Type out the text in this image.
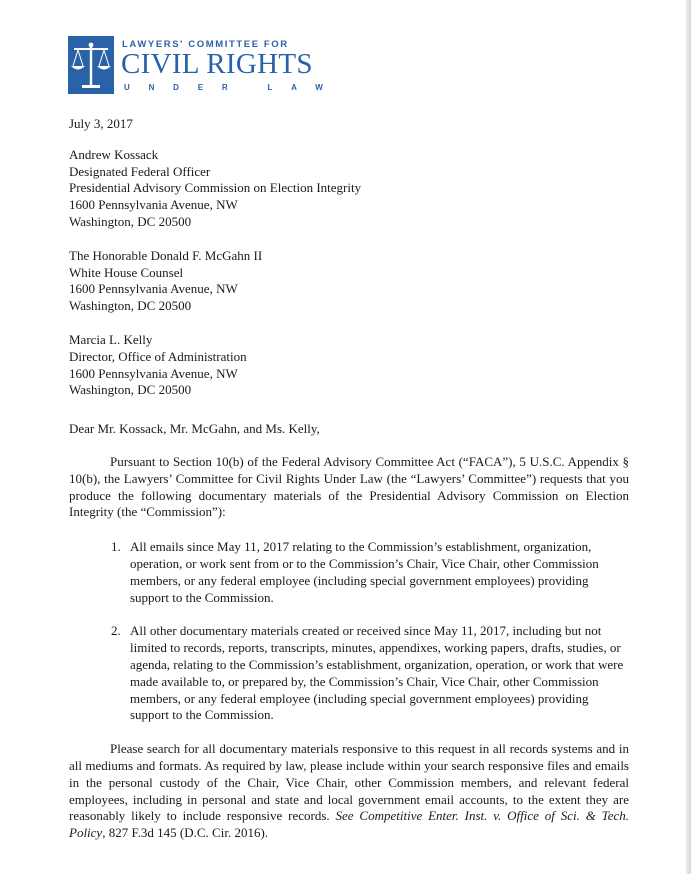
LAWYERS' COMMITTEE FOR
CIVIL RIGHTS
UNDER LAW

July 3, 2017

Andrew Kossack
Designated Federal Officer
Presidential Advisory Commission on Election Integrity
1600 Pennsylvania Avenue, NW
Washington, DC 20500
The Honorable Donald F. McGahn II
White House Counsel
1600 Pennsylvania Avenue, NW
Washington, DC 20500
Marcia L. Kelly
Director, Office of Administration
1600 Pennsylvania Avenue, NW
Washington, DC 20500

Dear Mr. Kossack, Mr. McGahn, and Ms. Kelly,

Pursuant to Section 10(b) of the Federal Advisory Committee Act (“FACA”), 5 U.S.C. Appendix § 10(b), the Lawyers’ Committee for Civil Rights Under Law (the “Lawyers’ Committee”) requests that you produce the following documentary materials of the Presidential Advisory Commission on Election Integrity (the “Commission”):

1. All emails since May 11, 2017 relating to the Commission’s establishment, organization, operation, or work sent from or to the Commission’s Chair, Vice Chair, other Commission members, or any federal employee (including special government employees) providing support to the Commission.
2. All other documentary materials created or received since May 11, 2017, including but not limited to records, reports, transcripts, minutes, appendixes, working papers, drafts, studies, or agenda, relating to the Commission’s establishment, organization, operation, or work that were made available to, or prepared by, the Commission’s Chair, Vice Chair, other Commission members, or any federal employee (including special government employees) providing support to the Commission.

Please search for all documentary materials responsive to this request in all records systems and in all mediums and formats. As required by law, please include within your search responsive files and emails in the personal custody of the Chair, Vice Chair, other Commission members, and relevant federal employees, including in personal and state and local government email accounts, to the extent they are reasonably likely to include responsive records. See Competitive Enter. Inst. v. Office of Sci. & Tech. Policy, 827 F.3d 145 (D.C. Cir. 2016).
